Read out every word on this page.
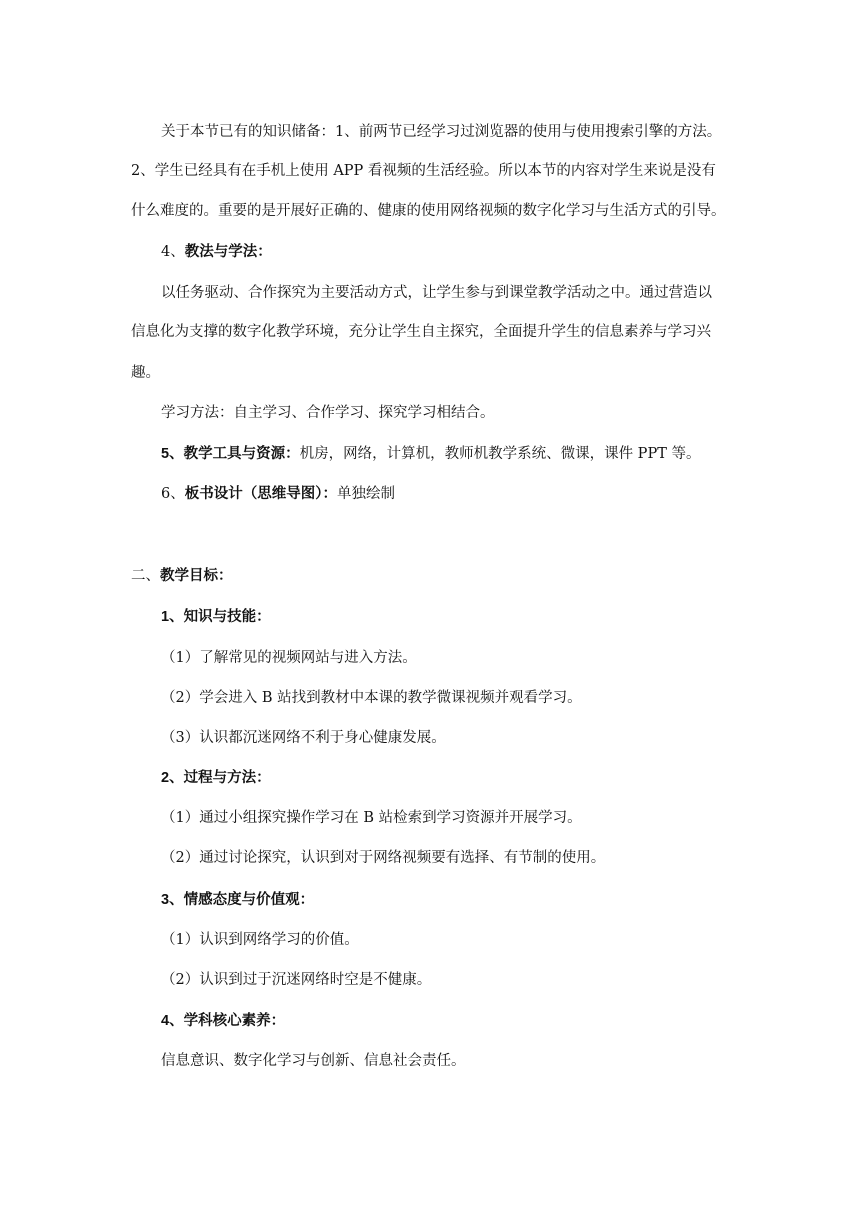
关于本节已有的知识储备：1、前两节已经学习过浏览器的使用与使用搜索引擎的方法。
2、学生已经具有在手机上使用 APP 看视频的生活经验。所以本节的内容对学生来说是没有
什么难度的。重要的是开展好正确的、健康的使用网络视频的数字化学习与生活方式的引导。
4、教法与学法：
以任务驱动、合作探究为主要活动方式，让学生参与到课堂教学活动之中。通过营造以
信息化为支撑的数字化教学环境，充分让学生自主探究，全面提升学生的信息素养与学习兴
趣。
学习方法：自主学习、合作学习、探究学习相结合。
5、教学工具与资源：机房，网络，计算机，教师机教学系统、微课，课件 PPT 等。
6、板书设计（思维导图）：单独绘制
二、教学目标：
1、知识与技能：
（1）了解常见的视频网站与进入方法。
（2）学会进入 B 站找到教材中本课的教学微课视频并观看学习。
（3）认识都沉迷网络不利于身心健康发展。
2、过程与方法：
（1）通过小组探究操作学习在 B 站检索到学习资源并开展学习。
（2）通过讨论探究，认识到对于网络视频要有选择、有节制的使用。
3、情感态度与价值观：
（1）认识到网络学习的价值。
（2）认识到过于沉迷网络时空是不健康。
4、学科核心素养：
信息意识、数字化学习与创新、信息社会责任。
